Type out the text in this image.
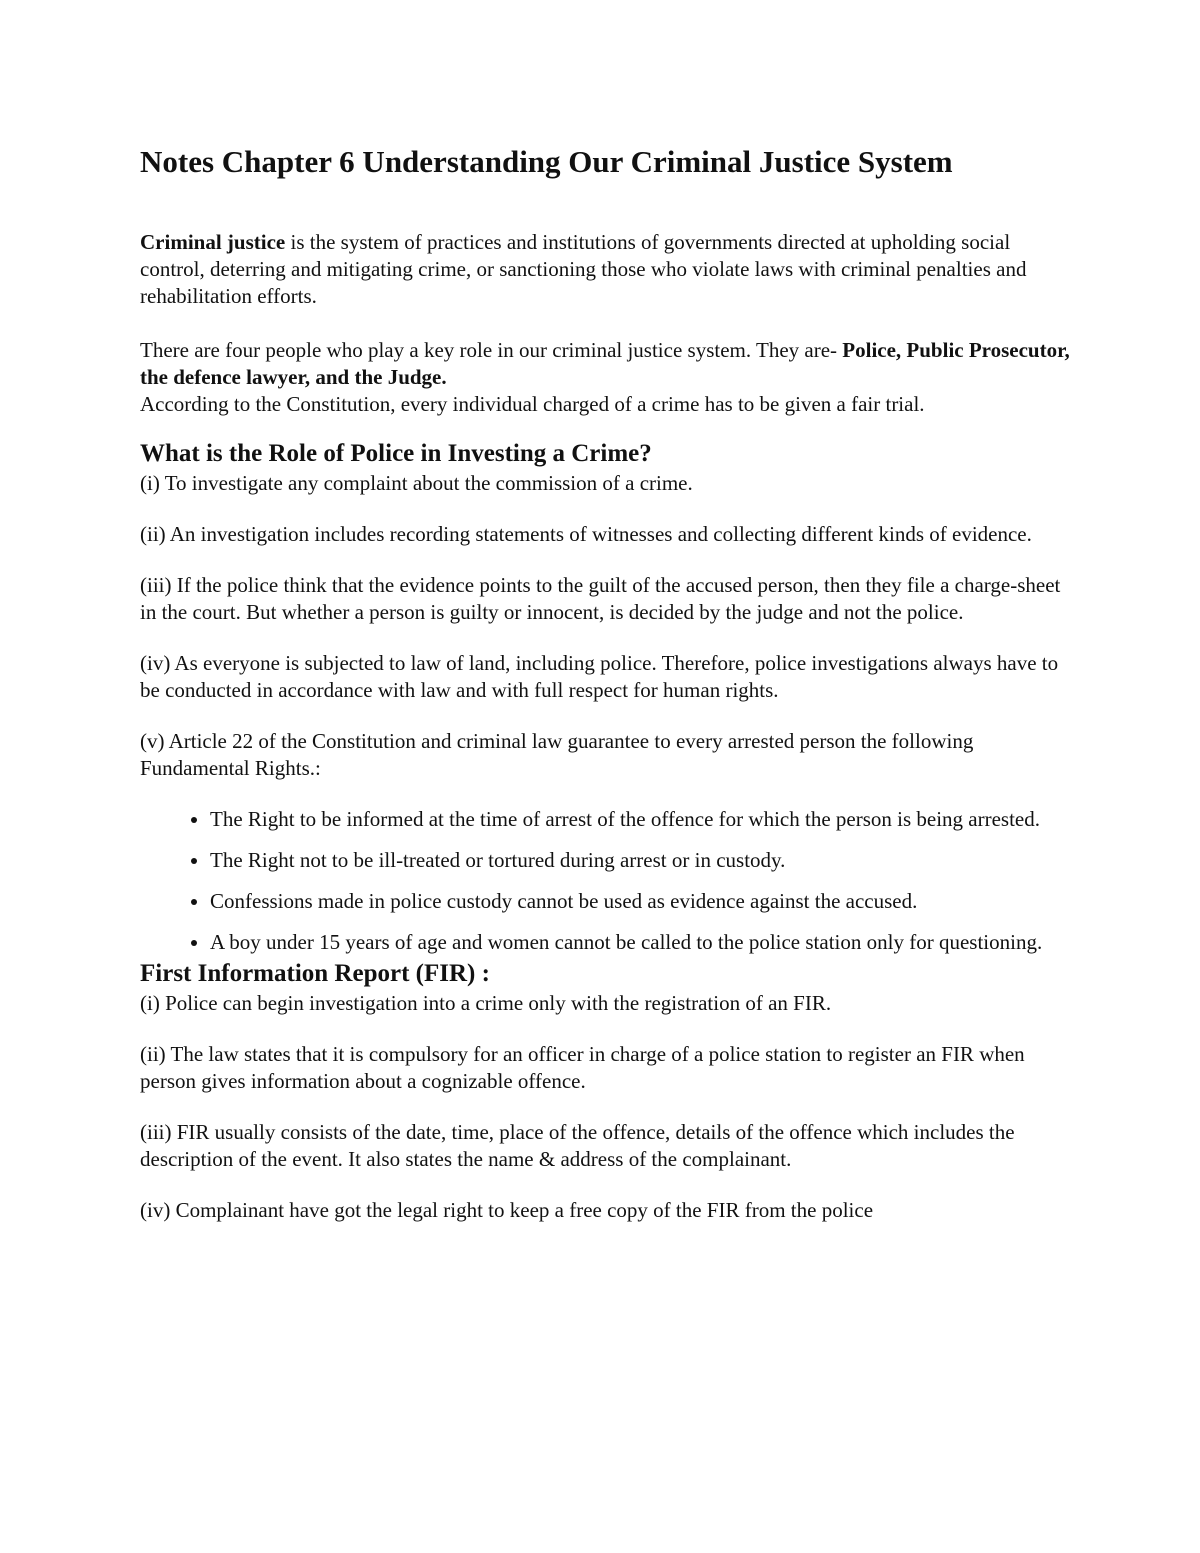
Notes Chapter 6 Understanding Our Criminal Justice System

Criminal justice is the system of practices and institutions of governments directed at upholding social control, deterring and mitigating crime, or sanctioning those who violate laws with criminal penalties and rehabilitation efforts.

There are four people who play a key role in our criminal justice system. They are- Police, Public Prosecutor, the defence lawyer, and the Judge.

According to the Constitution, every individual charged of a crime has to be given a fair trial.

What is the Role of Police in Investing a Crime?

(i) To investigate any complaint about the commission of a crime.

(ii) An investigation includes recording statements of witnesses and collecting different kinds of evidence.

(iii) If the police think that the evidence points to the guilt of the accused person, then they file a charge-sheet in the court. But whether a person is guilty or innocent, is decided by the judge and not the police.

(iv) As everyone is subjected to law of land, including police. Therefore, police investigations always have to be conducted in accordance with law and with full respect for human rights.

(v) Article 22 of the Constitution and criminal law guarantee to every arrested person the following Fundamental Rights.:

• The Right to be informed at the time of arrest of the offence for which the person is being arrested.
• The Right not to be ill-treated or tortured during arrest or in custody.
• Confessions made in police custody cannot be used as evidence against the accused.
• A boy under 15 years of age and women cannot be called to the police station only for questioning.
First Information Report (FIR) :

(i) Police can begin investigation into a crime only with the registration of an FIR.

(ii) The law states that it is compulsory for an officer in charge of a police station to register an FIR when person gives information about a cognizable offence.

(iii) FIR usually consists of the date, time, place of the offence, details of the offence which includes the description of the event. It also states the name & address of the complainant.

(iv) Complainant have got the legal right to keep a free copy of the FIR from the police
